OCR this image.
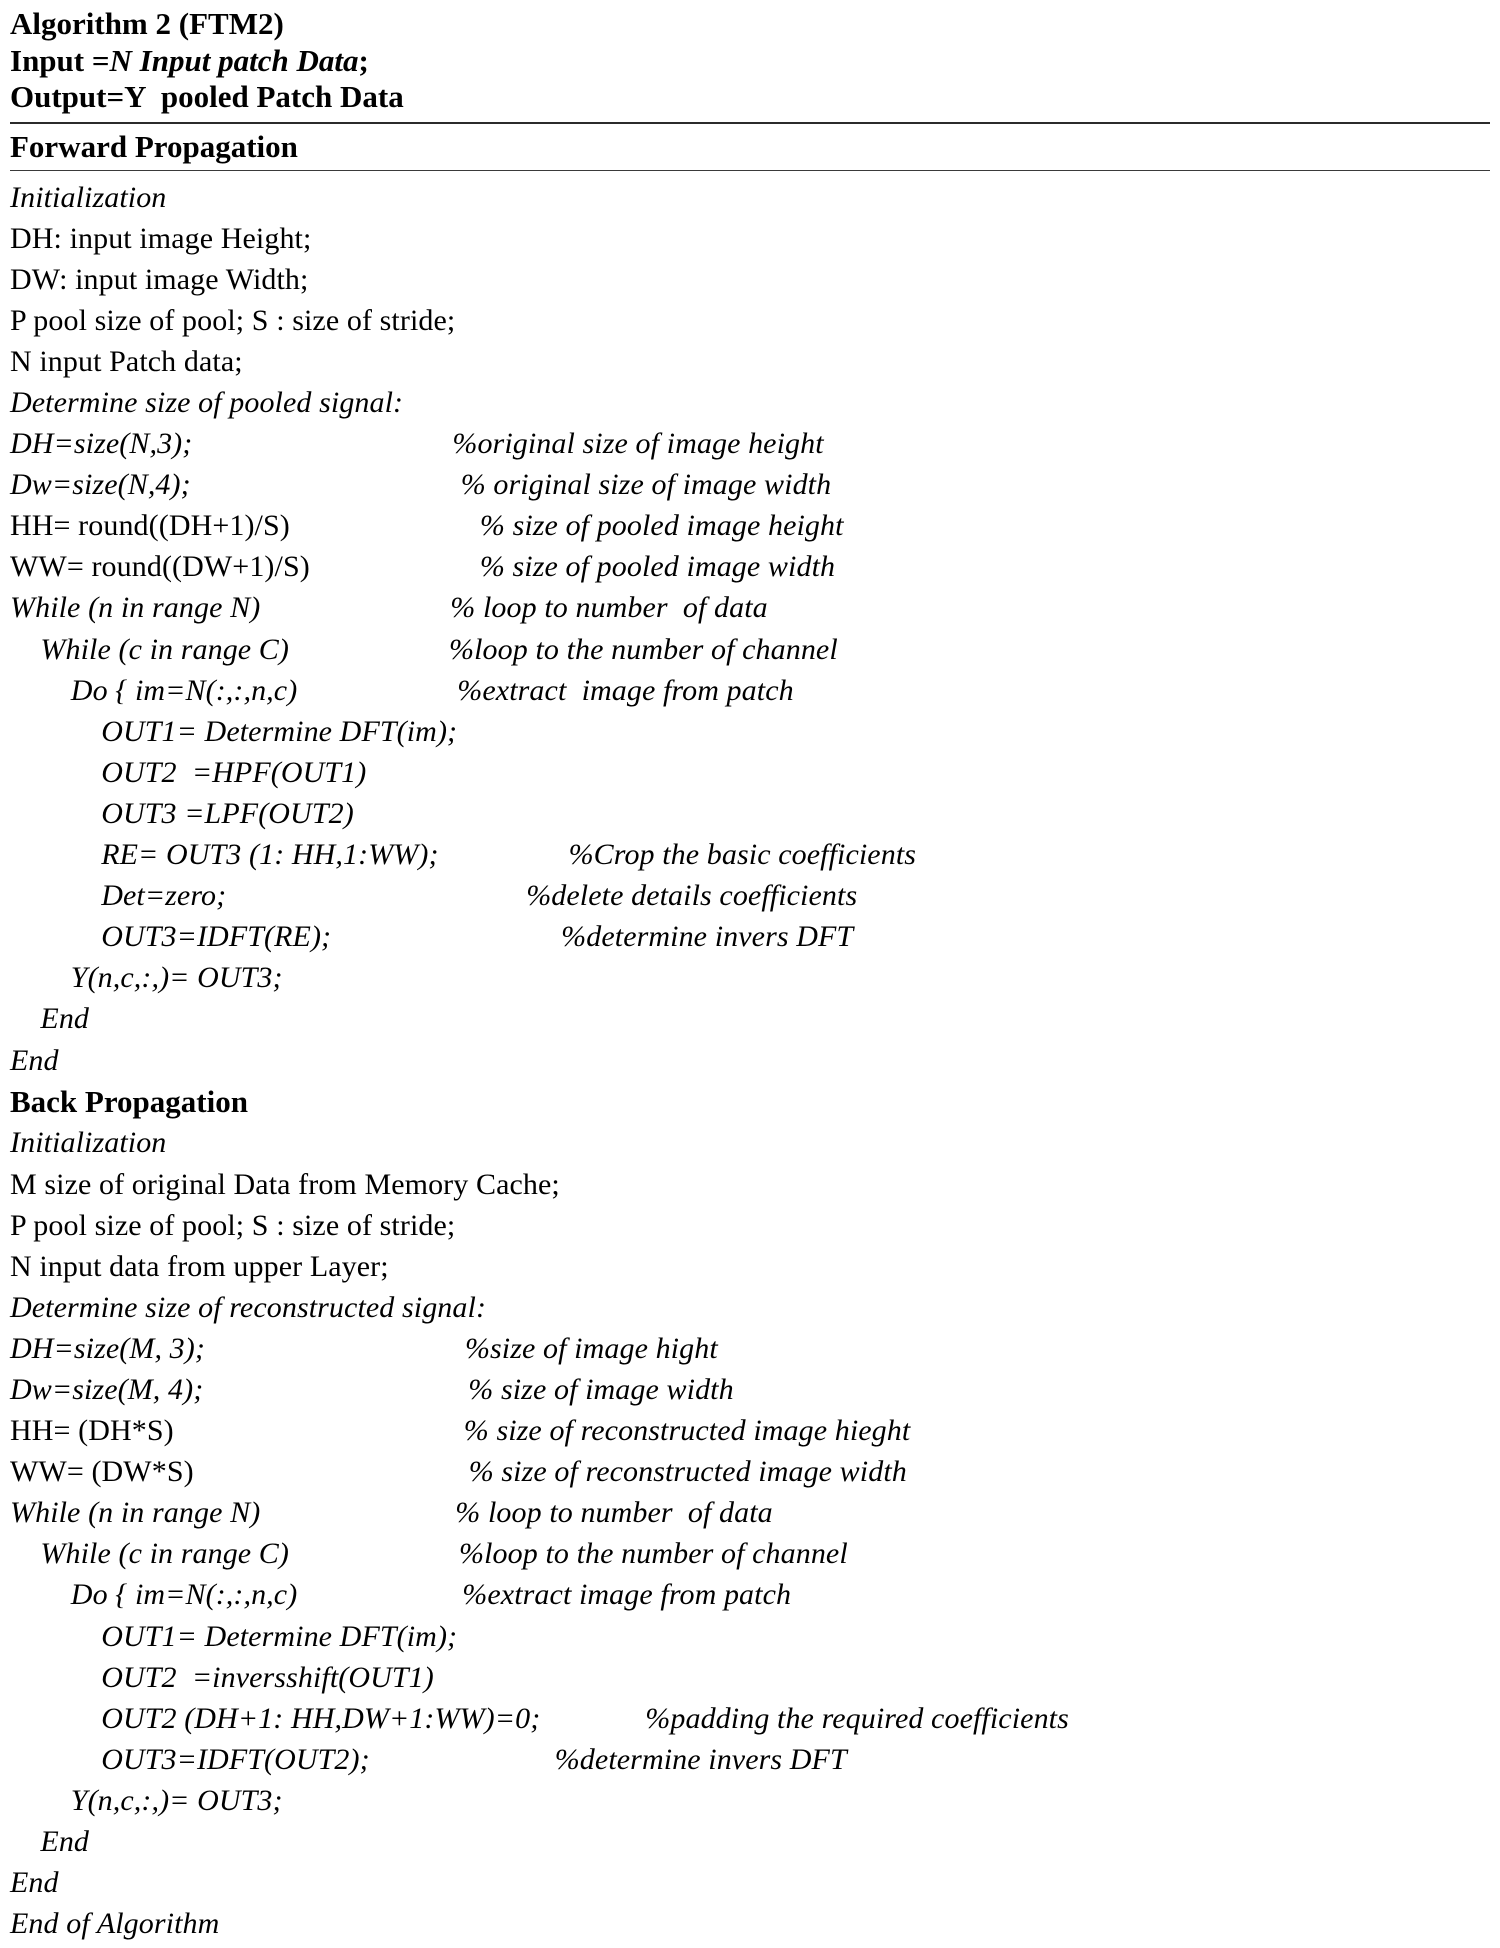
Algorithm 2 (FTM2)
Input =N Input patch Data;
Output=Y  pooled Patch Data
Forward Propagation
Initialization
DH: input image Height;
DW: input image Width;
P pool size of pool; S : size of stride;
N input Patch data;
Determine size of pooled signal:
DH=size(N,3);	%original size of image height
Dw=size(N,4);	% original size of image width
HH= round((DH+1)/S)	% size of pooled image height
WW= round((DW+1)/S)	% size of pooled image width
While (n in range N)	% loop to number  of data
While (c in range C)	%loop to the number of channel
Do { im=N(:,:,n,c)	%extract  image from patch
OUT1= Determine DFT(im);
OUT2  =HPF(OUT1)
OUT3 =LPF(OUT2)
RE= OUT3 (1: HH,1:WW);	%Crop the basic coefficients
Det=zero;	%delete details coefficients
OUT3=IDFT(RE);	%determine invers DFT
Y(n,c,:,)= OUT3;
End
End
Back Propagation
Initialization
M size of original Data from Memory Cache;
P pool size of pool; S : size of stride;
N input data from upper Layer;
Determine size of reconstructed signal:
DH=size(M, 3);	%size of image hight
Dw=size(M, 4);	% size of image width
HH= (DH*S)	% size of reconstructed image hieght
WW= (DW*S)	% size of reconstructed image width
While (n in range N)	% loop to number  of data
While (c in range C)	%loop to the number of channel
Do { im=N(:,:,n,c)	%extract image from patch
OUT1= Determine DFT(im);
OUT2  =inversshift(OUT1)
OUT2 (DH+1: HH,DW+1:WW)=0;	%padding the required coefficients
OUT3=IDFT(OUT2);	%determine invers DFT
Y(n,c,:,)= OUT3;
End
End
End of Algorithm
